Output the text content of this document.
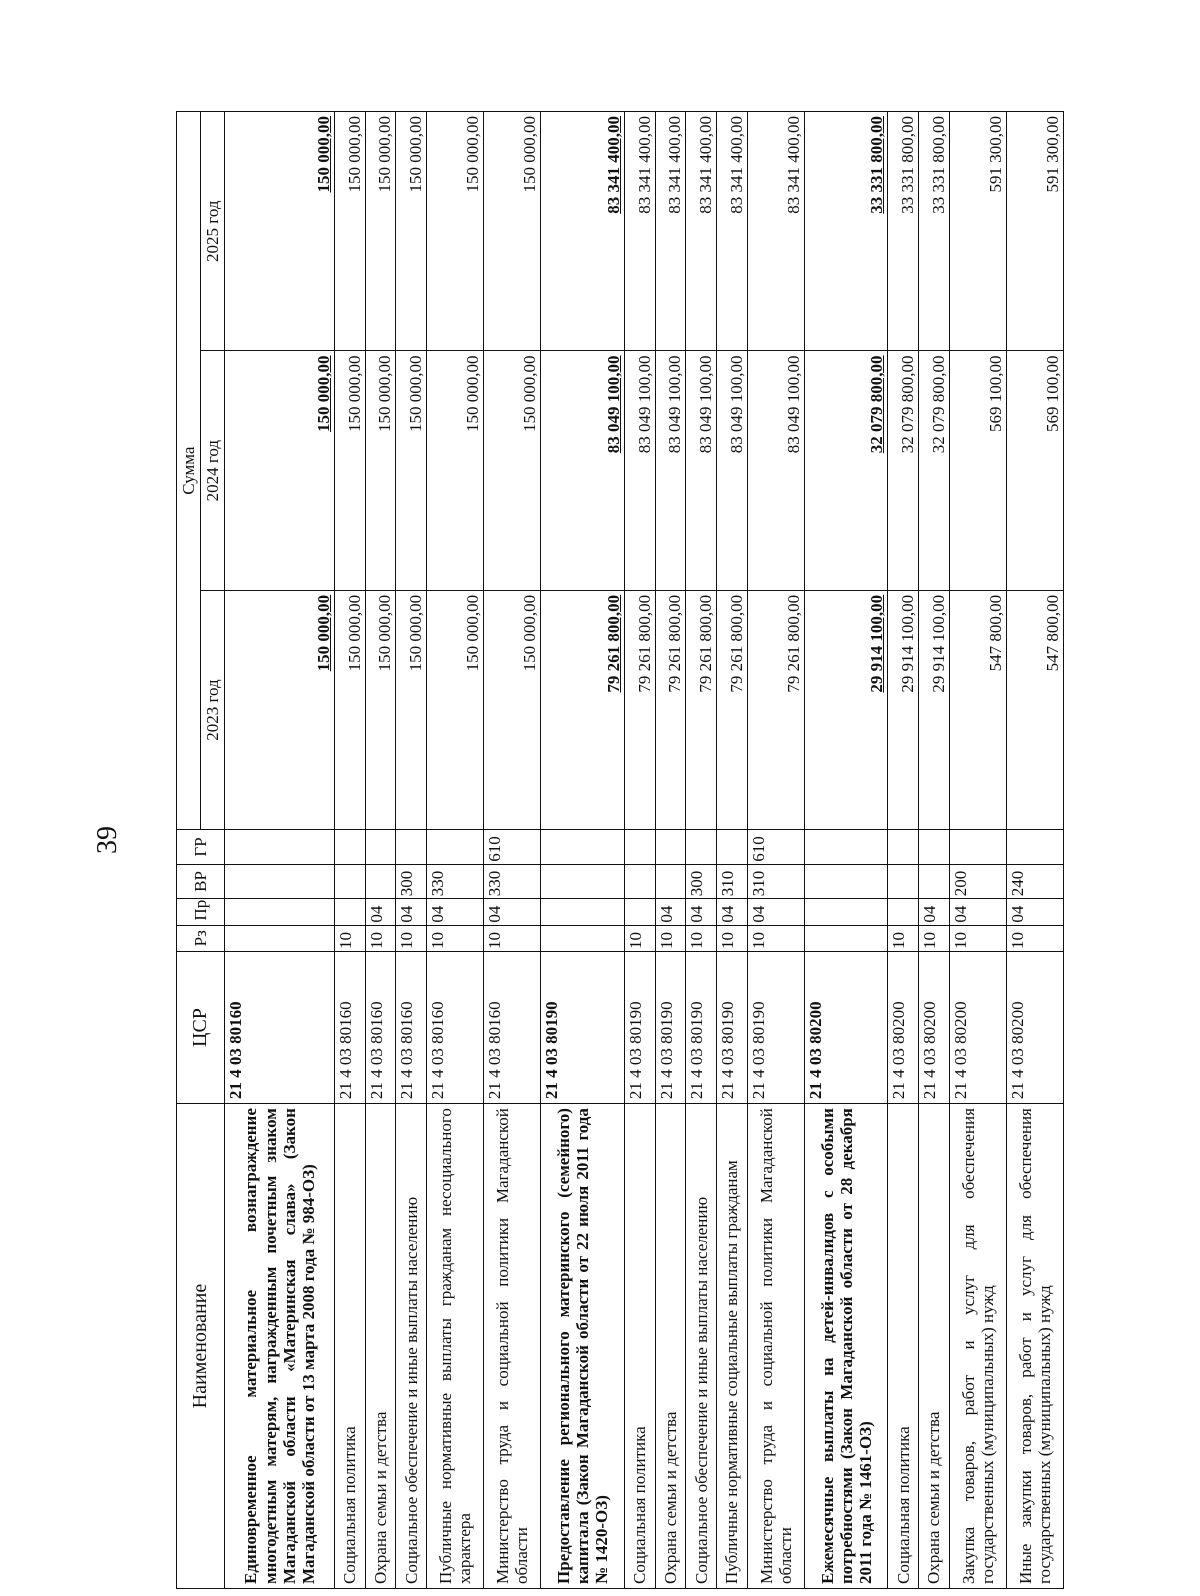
39
Наименование	ЦСР	Рз	Пр	ВР	ГР	Сумма		
						2023 год	2024 год	2025 год
Единовременное материальное вознаграждение многодетным матерям, награжденным почетным знаком Магаданской области «Материнская слава» (Закон Магаданской области от 13 марта 2008 года № 984-ОЗ)	21 4 03 80160					150 000,00	150 000,00	150 000,00
Социальная политика	21 4 03 80160	10				150 000,00	150 000,00	150 000,00
Охрана семьи и детства	21 4 03 80160	10	04			150 000,00	150 000,00	150 000,00
Социальное обеспечение и иные выплаты населению	21 4 03 80160	10	04	300		150 000,00	150 000,00	150 000,00
Публичные нормативные выплаты гражданам несоциального характера	21 4 03 80160	10	04	330		150 000,00	150 000,00	150 000,00
Министерство труда и социальной политики Магаданской области	21 4 03 80160	10	04	330	610	150 000,00	150 000,00	150 000,00
Предоставление регионального материнского (семейного) капитала (Закон Магаданской области от 22 июля 2011 года № 1420-ОЗ)	21 4 03 80190					79 261 800,00	83 049 100,00	83 341 400,00
Социальная политика	21 4 03 80190	10				79 261 800,00	83 049 100,00	83 341 400,00
Охрана семьи и детства	21 4 03 80190	10	04			79 261 800,00	83 049 100,00	83 341 400,00
Социальное обеспечение и иные выплаты населению	21 4 03 80190	10	04	300		79 261 800,00	83 049 100,00	83 341 400,00
Публичные нормативные социальные выплаты гражданам	21 4 03 80190	10	04	310		79 261 800,00	83 049 100,00	83 341 400,00
Министерство труда и социальной политики Магаданской области	21 4 03 80190	10	04	310	610	79 261 800,00	83 049 100,00	83 341 400,00
Ежемесячные выплаты на детей-инвалидов с особыми потребностями (Закон Магаданской области от 28 декабря 2011 года № 1461-ОЗ)	21 4 03 80200					29 914 100,00	32 079 800,00	33 331 800,00
Социальная политика	21 4 03 80200	10				29 914 100,00	32 079 800,00	33 331 800,00
Охрана семьи и детства	21 4 03 80200	10	04			29 914 100,00	32 079 800,00	33 331 800,00
Закупка товаров, работ и услуг для обеспечения государственных (муниципальных) нужд	21 4 03 80200	10	04	200		547 800,00	569 100,00	591 300,00
Иные закупки товаров, работ и услуг для обеспечения государственных (муниципальных) нужд	21 4 03 80200	10	04	240		547 800,00	569 100,00	591 300,00
